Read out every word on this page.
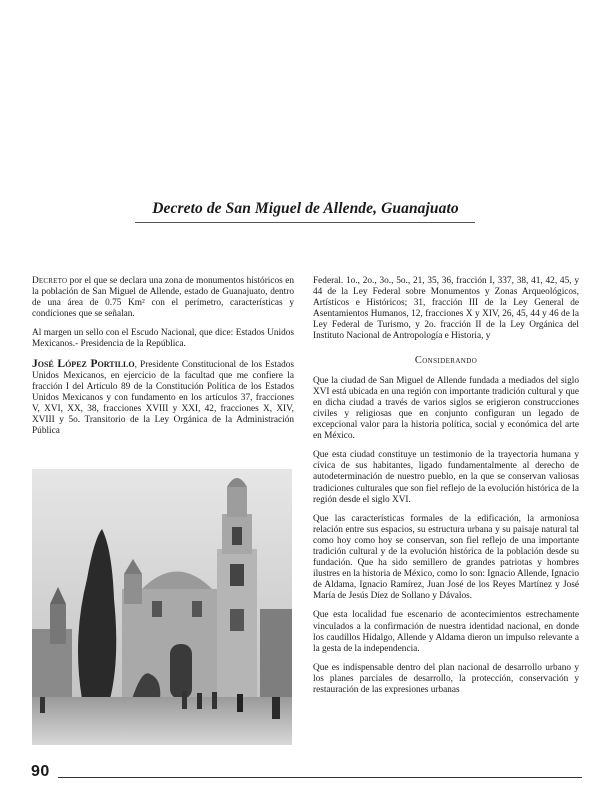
Decreto de San Miguel de Allende, Guanajuato

Decreto por el que se declara una zona de monumentos históricos en la población de San Miguel de Allende, estado de Guanajuato, dentro de una área de 0.75 Km² con el perímetro, características y condiciones que se señalan.

Al margen un sello con el Escudo Nacional, que dice: Estados Unidos Mexicanos.- Presidencia de la República.

José López Portillo, Presidente Constitucional de los Estados Unidos Mexicanos, en ejercicio de la facultad que me confiere la fracción I del Artículo 89 de la Constitución Política de los Estados Unidos Mexicanos y con fundamento en los artículos 37, fracciones V, XVI, XX, 38, fracciones XVIII y XXI, 42, fracciones X, XIV, XVIII y 5o. Transitorio de la Ley Orgánica de la Administración Pública

Federal. 1o., 2o., 3o., 5o., 21, 35, 36, fracción I, 337, 38, 41, 42, 45, y 44 de la Ley Federal sobre Monumentos y Zonas Arqueológicos, Artísticos e Históricos; 31, fracción III de la Ley General de Asentamientos Humanos, 12, fracciones X y XIV, 26, 45, 44 y 46 de la Ley Federal de Turismo, y 2o. fracción II de la Ley Orgánica del Instituto Nacional de Antropología e Historia, y

Considerando

Que la ciudad de San Miguel de Allende fundada a mediados del siglo XVI está ubicada en una región con importante tradición cultural y que en dicha ciudad a través de varios siglos se erigieron construcciones civiles y religiosas que en conjunto configuran un legado de excepcional valor para la historia política, social y económica del arte en México.

Que esta ciudad constituye un testimonio de la trayectoria humana y cívica de sus habitantes, ligado fundamentalmente al derecho de autodeterminación de nuestro pueblo, en la que se conservan valiosas tradiciones culturales que son fiel reflejo de la evolución histórica de la región desde el siglo XVI.

Que las características formales de la edificación, la armoniosa relación entre sus espacios, su estructura urbana y su paisaje natural tal como hoy como hoy se conservan, son fiel reflejo de una importante tradición cultural y de la evolución histórica de la población desde su fundación. Que ha sido semillero de grandes patriotas y hombres ilustres en la historia de México, como lo son: Ignacio Allende, Ignacio de Aldama, Ignacio Ramírez, Juan José de los Reyes Martínez y José María de Jesús Díez de Sollano y Dávalos.

Que esta localidad fue escenario de acontecimientos estrechamente vinculados a la confirmación de nuestra identidad nacional, en donde los caudillos Hidalgo, Allende y Aldama dieron un impulso relevante a la gesta de la independencia.

Que es indispensable dentro del plan nacional de desarrollo urbano y los planes parciales de desarrollo, la protección, conservación y restauración de las expresiones urbanas

90
